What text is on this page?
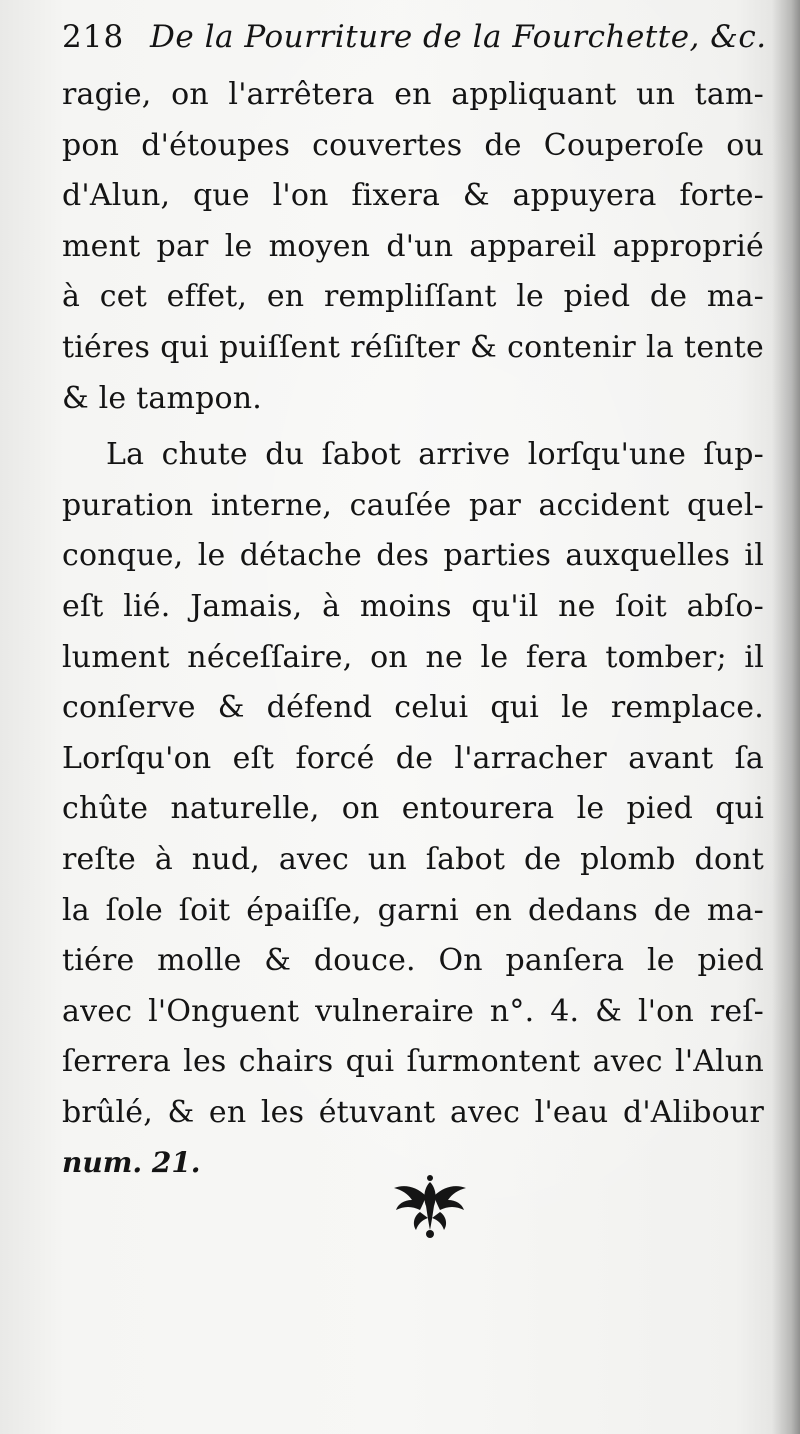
218 De la Pourriture de la Fourchette, &c.
ragie, on l'arrêtera en appliquant un tam-
pon d'étoupes couvertes de Couperoſe ou
d'Alun, que l'on fixera & appuyera forte-
ment par le moyen d'un appareil approprié
à cet effet, en rempliſſant le pied de ma-
tiéres qui puiſſent réſiſter & contenir la tente
& le tampon.
La chute du ſabot arrive lorſqu'une ſup-
puration interne, cauſée par accident quel-
conque, le détache des parties auxquelles il
eſt lié. Jamais, à moins qu'il ne ſoit abſo-
lument néceſſaire, on ne le fera tomber; il
conſerve & défend celui qui le remplace.
Lorſqu'on eſt forcé de l'arracher avant ſa
chûte naturelle, on entourera le pied qui
reſte à nud, avec un ſabot de plomb dont
la ſole ſoit épaiſſe, garni en dedans de ma-
tiére molle & douce. On panſera le pied
avec l'Onguent vulneraire n°. 4. & l'on reſ-
ſerrera les chairs qui ſurmontent avec l'Alun
brûlé, & en les étuvant avec l'eau d'Alibour
num. 21.
